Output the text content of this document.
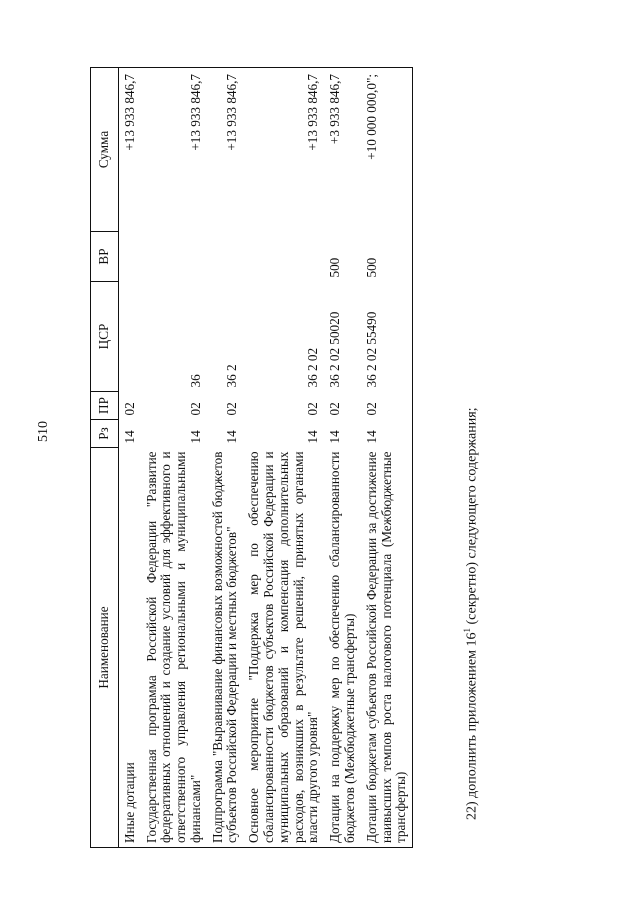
510
Наименование	Рз	ПР	ЦСР	ВР	Сумма
Иные дотации	14	02			+13 933 846,7
Государственная программа Российской Федерации "Развитие федеративных отношений и создание условий для эффективного и ответственного управления региональными и муниципальными финансами"	14	02	36		+13 933 846,7
Подпрограмма "Выравнивание финансовых возможностей бюджетов субъектов Российской Федерации и местных бюджетов"	14	02	36 2		+13 933 846,7
Основное мероприятие "Поддержка мер по обеспечению сбалансированности бюджетов субъектов Российской Федерации и муниципальных образований и компенсация дополнительных расходов, возникших в результате решений, принятых органами власти другого уровня"	14	02	36 2 02		+13 933 846,7
Дотации на поддержку мер по обеспечению сбалансированности бюджетов (Межбюджетные трансферты)	14	02	36 2 02 50020	500	+3 933 846,7
Дотации бюджетам субъектов Российской Федерации за достижение наивысших темпов роста налогового потенциала (Межбюджетные трансферты)	14	02	36 2 02 55490	500	+10 000 000,0";
22) дополнить приложением $16^1$ (секретно) следующего содержания;
